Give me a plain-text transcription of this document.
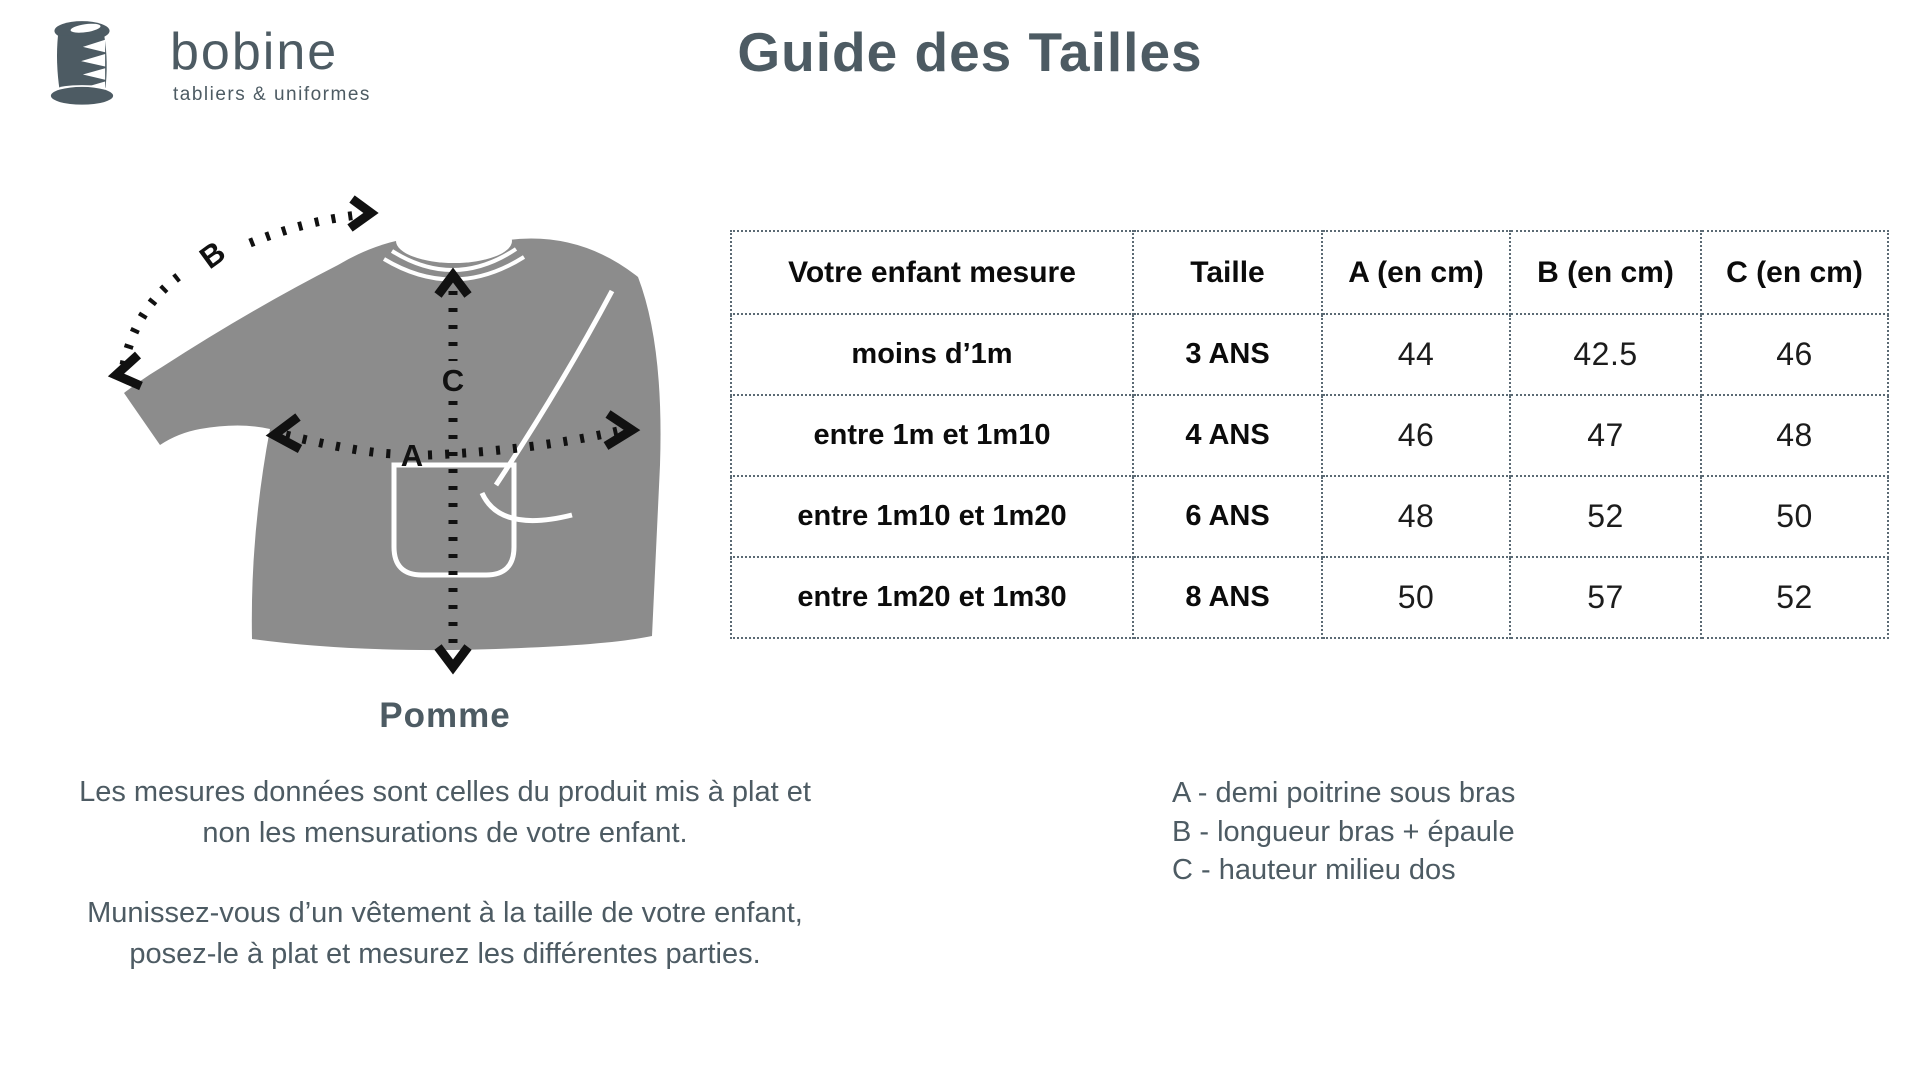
bobine
tabliers & uniformes
Guide des Tailles
C
A
B	Votre enfant mesure	Taille	A (en cm)	B (en cm)	C (en cm)
moins d’1m	3 ANS	44	42.5	46
entre 1m et 1m10	4 ANS	46	47	48
entre 1m10 et 1m20	6 ANS	48	52	50
entre 1m20 et 1m30	8 ANS	50	57	52
Pomme
Les mesures données sont celles du produit mis à plat et
non les mensurations de votre enfant.
Munissez-vous d’un vêtement à la taille de votre enfant,
posez-le à plat et mesurez les différentes parties.
A - demi poitrine sous bras
B - longueur bras + épaule
C - hauteur milieu dos
